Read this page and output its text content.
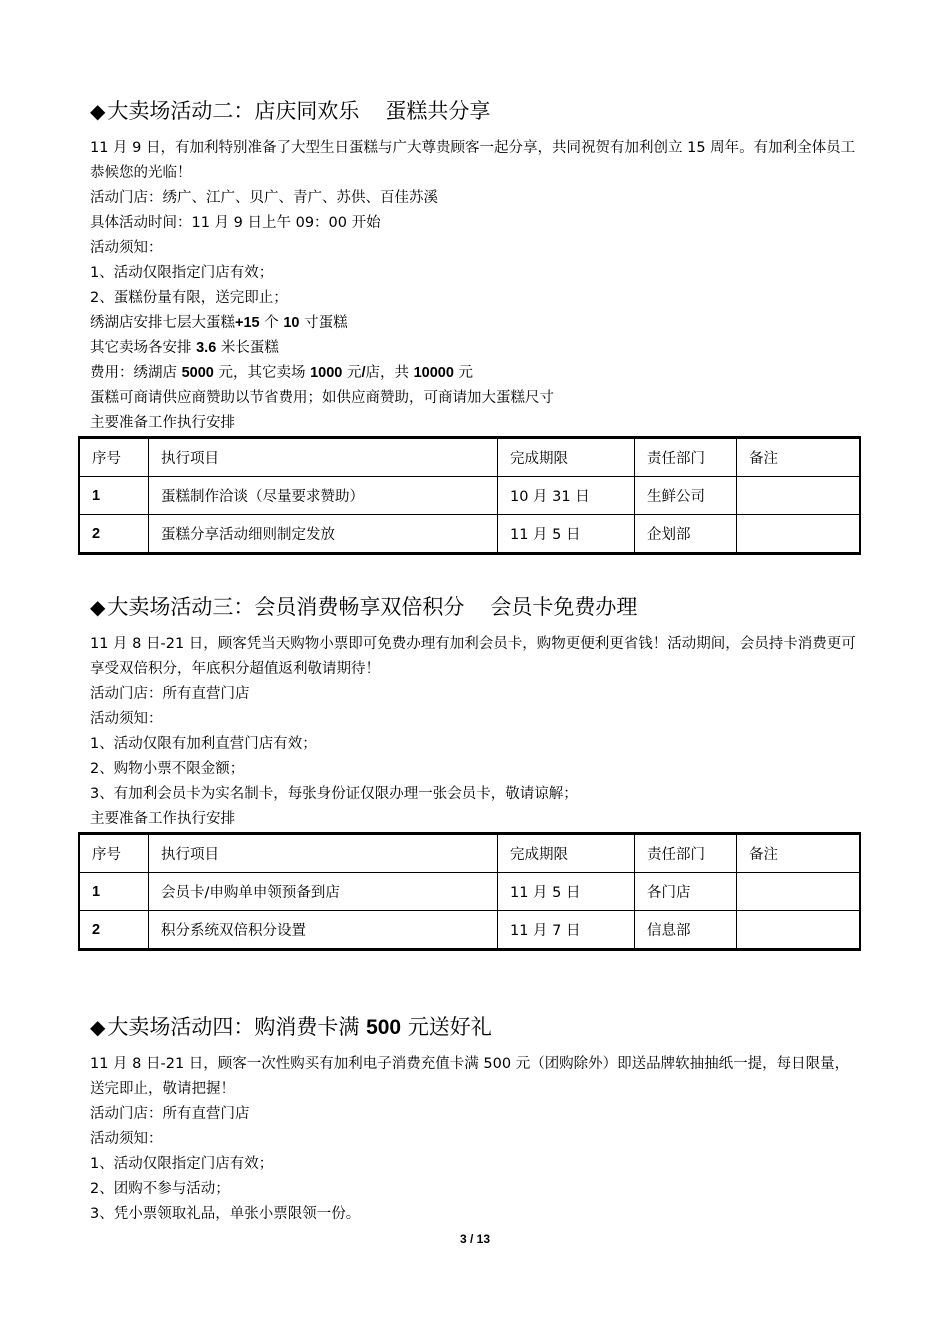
◆大卖场活动二：店庆同欢乐 蛋糕共分享

11 月 9 日，有加利特别准备了大型生日蛋糕与广大尊贵顾客一起分享，共同祝贺有加利创立 15 周年。有加利全体员工恭候您的光临！

活动门店：绣广、江广、贝广、青广、苏供、百佳苏溪

具体活动时间：11 月 9 日上午 09：00 开始

活动须知：

1、活动仅限指定门店有效；

2、蛋糕份量有限，送完即止；

绣湖店安排七层大蛋糕+15 个 10 寸蛋糕

其它卖场各安排 3.6 米长蛋糕

费用：绣湖店 5000 元，其它卖场 1000 元/店，共 10000 元

蛋糕可商请供应商赞助以节省费用；如供应商赞助，可商请加大蛋糕尺寸

主要准备工作执行安排

序号	执行项目	完成期限	责任部门	备注
1	蛋糕制作洽谈（尽量要求赞助）	10 月 31 日	生鲜公司	
2	蛋糕分享活动细则制定发放	11 月 5 日	企划部	
◆大卖场活动三：会员消费畅享双倍积分 会员卡免费办理

11 月 8 日-21 日，顾客凭当天购物小票即可免费办理有加利会员卡，购物更便利更省钱！活动期间，会员持卡消费更可享受双倍积分，年底积分超值返利敬请期待！

活动门店：所有直营门店

活动须知：

1、活动仅限有加利直营门店有效；

2、购物小票不限金额；

3、有加利会员卡为实名制卡，每张身份证仅限办理一张会员卡，敬请谅解；

主要准备工作执行安排

序号	执行项目	完成期限	责任部门	备注
1	会员卡/申购单申领预备到店	11 月 5 日	各门店	
2	积分系统双倍积分设置	11 月 7 日	信息部	
◆大卖场活动四：购消费卡满 500 元送好礼

11 月 8 日-21 日，顾客一次性购买有加利电子消费充值卡满 500 元（团购除外）即送品牌软抽抽纸一提，每日限量，送完即止，敬请把握！

活动门店：所有直营门店

活动须知：

1、活动仅限指定门店有效；

2、团购不参与活动；

3、凭小票领取礼品，单张小票限领一份。

3 / 13
